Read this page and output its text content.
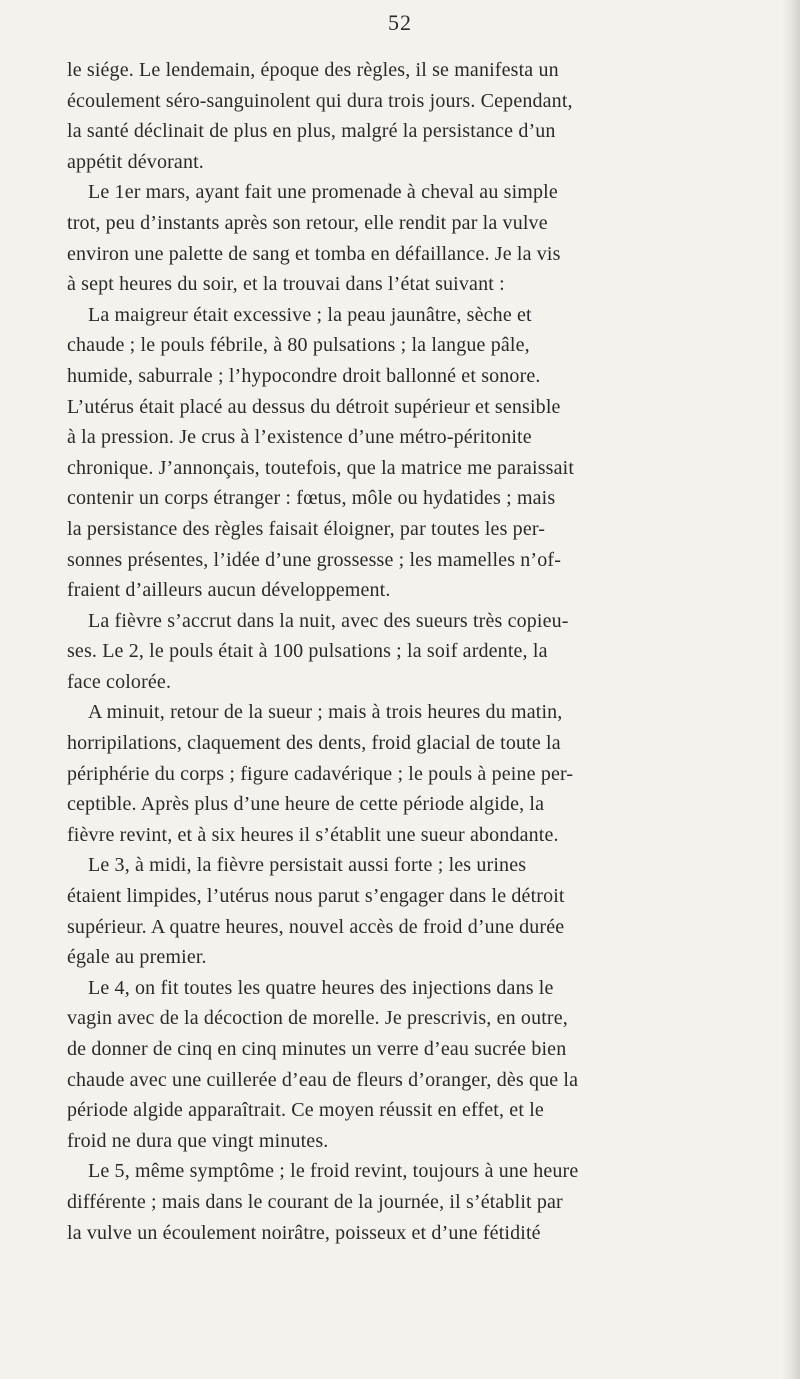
52
le siége. Le lendemain, époque des règles, il se manifesta un
écoulement séro-sanguinolent qui dura trois jours. Cependant,
la santé déclinait de plus en plus, malgré la persistance d’un
appétit dévorant.
Le 1er mars, ayant fait une promenade à cheval au simple
trot, peu d’instants après son retour, elle rendit par la vulve
environ une palette de sang et tomba en défaillance. Je la vis
à sept heures du soir, et la trouvai dans l’état suivant :
La maigreur était excessive ; la peau jaunâtre, sèche et
chaude ; le pouls fébrile, à 80 pulsations ; la langue pâle,
humide, saburrale ; l’hypocondre droit ballonné et sonore.
L’utérus était placé au dessus du détroit supérieur et sensible
à la pression. Je crus à l’existence d’une métro-péritonite
chronique. J’annonçais, toutefois, que la matrice me paraissait
contenir un corps étranger : fœtus, môle ou hydatides ; mais
la persistance des règles faisait éloigner, par toutes les per-
sonnes présentes, l’idée d’une grossesse ; les mamelles n’of-
fraient d’ailleurs aucun développement.
La fièvre s’accrut dans la nuit, avec des sueurs très copieu-
ses. Le 2, le pouls était à 100 pulsations ; la soif ardente, la
face colorée.
A minuit, retour de la sueur ; mais à trois heures du matin,
horripilations, claquement des dents, froid glacial de toute la
périphérie du corps ; figure cadavérique ; le pouls à peine per-
ceptible. Après plus d’une heure de cette période algide, la
fièvre revint, et à six heures il s’établit une sueur abondante.
Le 3, à midi, la fièvre persistait aussi forte ; les urines
étaient limpides, l’utérus nous parut s’engager dans le détroit
supérieur. A quatre heures, nouvel accès de froid d’une durée
égale au premier.
Le 4, on fit toutes les quatre heures des injections dans le
vagin avec de la décoction de morelle. Je prescrivis, en outre,
de donner de cinq en cinq minutes un verre d’eau sucrée bien
chaude avec une cuillerée d’eau de fleurs d’oranger, dès que la
période algide apparaîtrait. Ce moyen réussit en effet, et le
froid ne dura que vingt minutes.
Le 5, même symptôme ; le froid revint, toujours à une heure
différente ; mais dans le courant de la journée, il s’établit par
la vulve un écoulement noirâtre, poisseux et d’une fétidité
